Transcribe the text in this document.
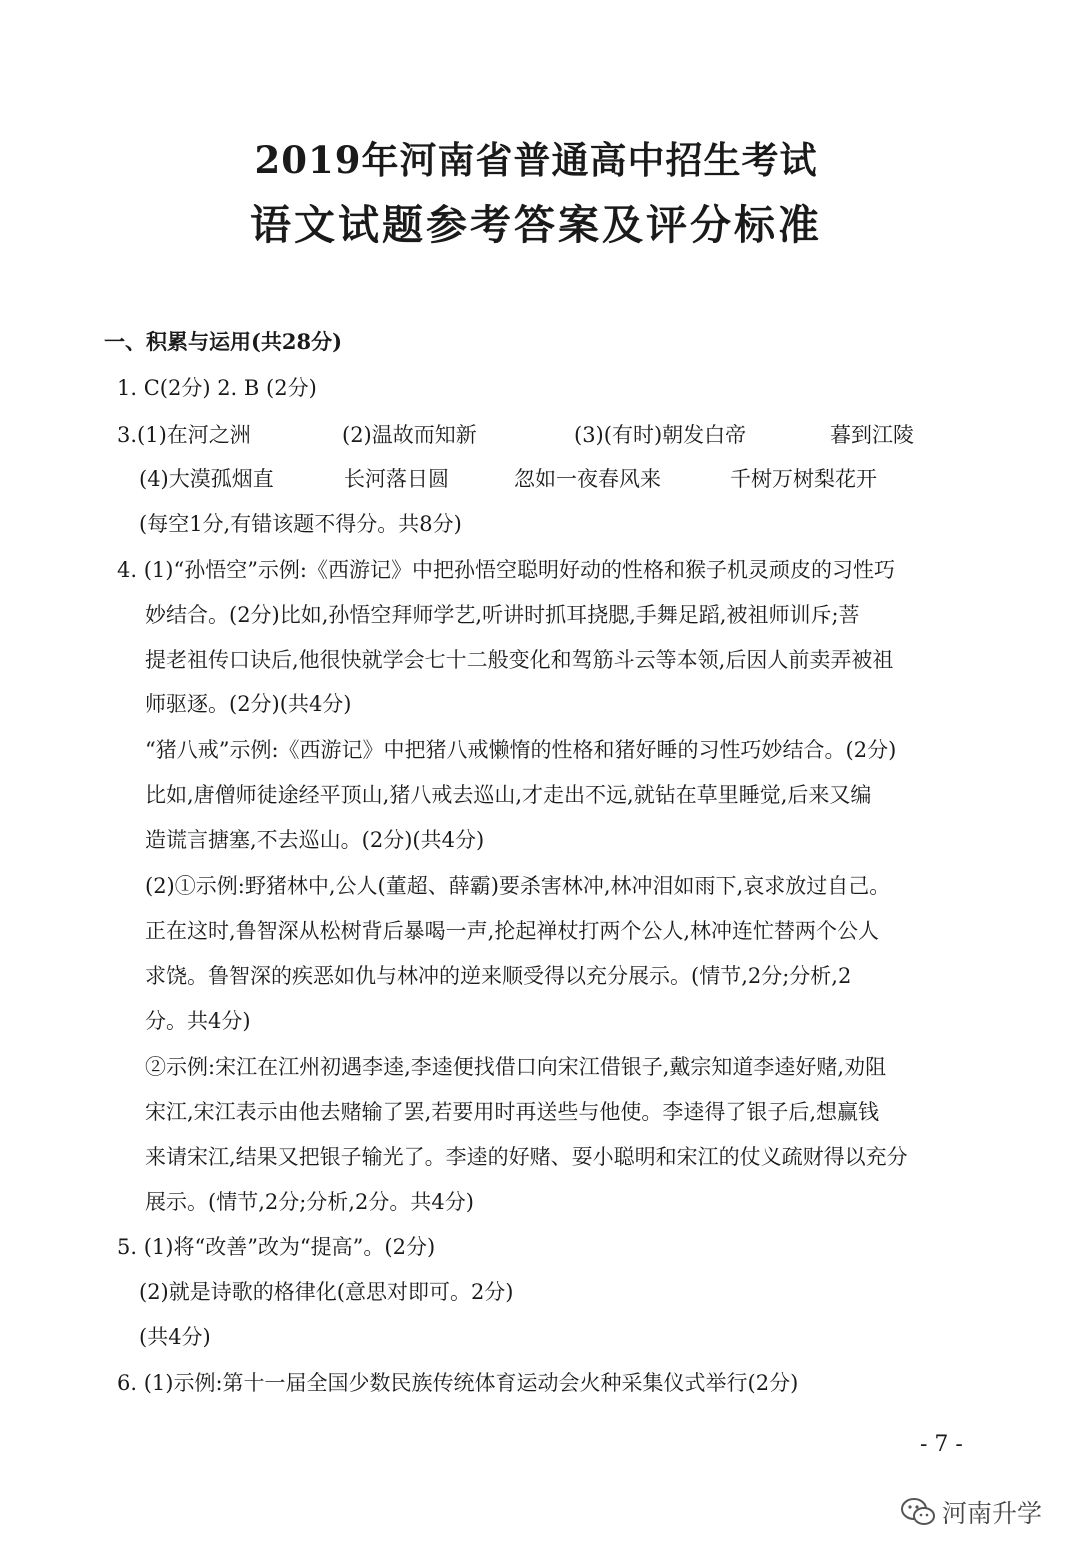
2019年河南省普通高中招生考试
语文试题参考答案及评分标准
一、积累与运用(共28分)
1. C(2分) 2. B (2分)
3.(1)在河之洲	(2)温故而知新	(3)(有时)朝发白帝	暮到江陵
(4)大漠孤烟直	长河落日圆	忽如一夜春风来	千树万树梨花开
(每空1分,有错该题不得分。共8分)
4. (1)“孙悟空”示例:《西游记》中把孙悟空聪明好动的性格和猴子机灵顽皮的习性巧
妙结合。(2分)比如,孙悟空拜师学艺,听讲时抓耳挠腮,手舞足蹈,被祖师训斥;菩
提老祖传口诀后,他很快就学会七十二般变化和驾筋斗云等本领,后因人前卖弄被祖
师驱逐。(2分)(共4分)
“猪八戒”示例:《西游记》中把猪八戒懒惰的性格和猪好睡的习性巧妙结合。(2分)
比如,唐僧师徒途经平顶山,猪八戒去巡山,才走出不远,就钻在草里睡觉,后来又编
造谎言搪塞,不去巡山。(2分)(共4分)
(2)①示例:野猪林中,公人(董超、薛霸)要杀害林冲,林冲泪如雨下,哀求放过自己。
正在这时,鲁智深从松树背后暴喝一声,抡起禅杖打两个公人,林冲连忙替两个公人
求饶。鲁智深的疾恶如仇与林冲的逆来顺受得以充分展示。(情节,2分;分析,2
分。共4分)
②示例:宋江在江州初遇李逵,李逵便找借口向宋江借银子,戴宗知道李逵好赌,劝阻
宋江,宋江表示由他去赌输了罢,若要用时再送些与他使。李逵得了银子后,想赢钱
来请宋江,结果又把银子输光了。李逵的好赌、耍小聪明和宋江的仗义疏财得以充分
展示。(情节,2分;分析,2分。共4分)
5. (1)将“改善”改为“提高”。(2分)
(2)就是诗歌的格律化(意思对即可。2分)
(共4分)
6. (1)示例:第十一届全国少数民族传统体育运动会火种采集仪式举行(2分)
- 7 -
河南升学
